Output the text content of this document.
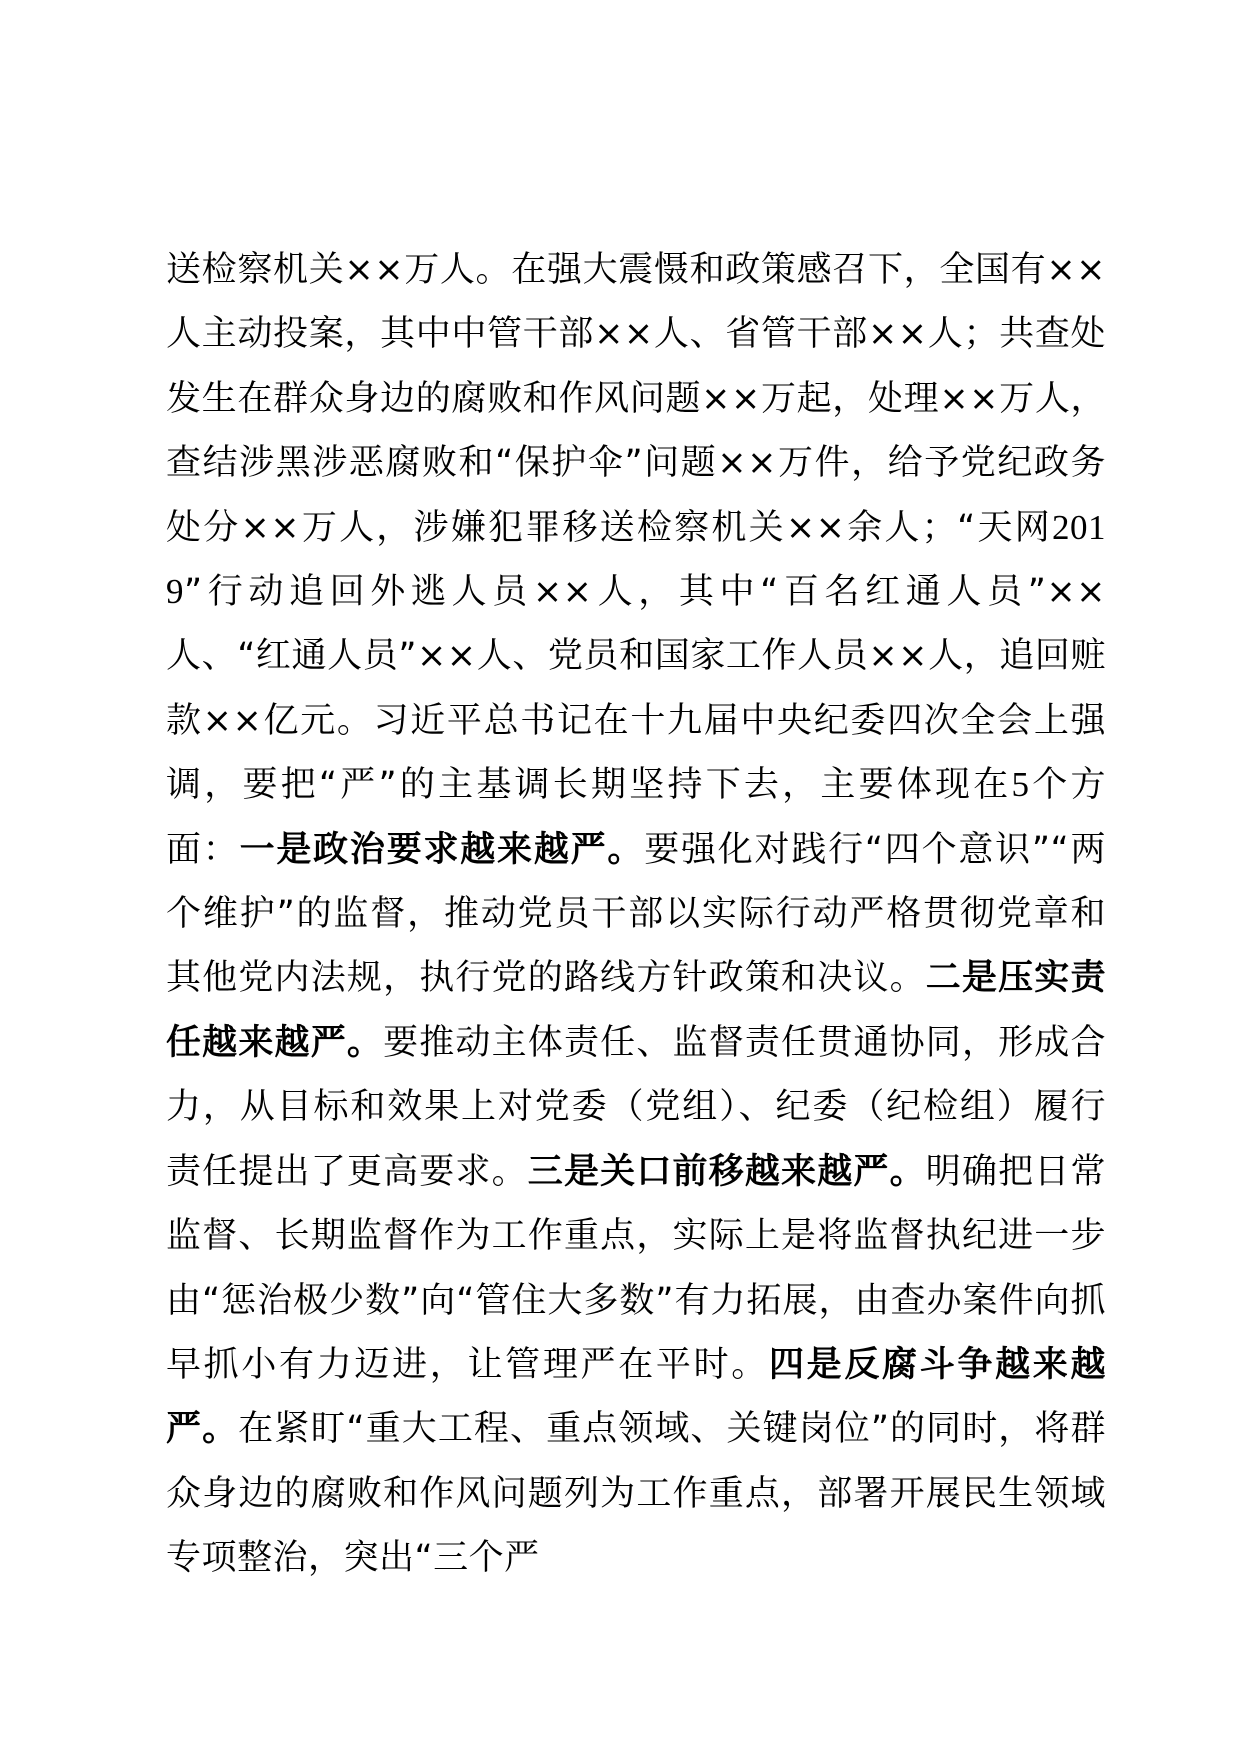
送检察机关××万人。在强大震慑和政策感召下，全国有××人主动投案，其中中管干部××人、省管干部××人；共查处发生在群众身边的腐败和作风问题××万起，处理××万人，查结涉黑涉恶腐败和“保护伞”问题××万件，给予党纪政务处分××万人，涉嫌犯罪移送检察机关××余人；“天网2019”行动追回外逃人员××人，其中“百名红通人员”××人、“红通人员”××人、党员和国家工作人员××人，追回赃款××亿元。习近平总书记在十九届中央纪委四次全会上强调，要把“严”的主基调长期坚持下去，主要体现在5个方面：一是政治要求越来越严。要强化对践行“四个意识”“两个维护”的监督，推动党员干部以实际行动严格贯彻党章和其他党内法规，执行党的路线方针政策和决议。二是压实责任越来越严。要推动主体责任、监督责任贯通协同，形成合力，从目标和效果上对党委（党组）、纪委（纪检组）履行责任提出了更高要求。三是关口前移越来越严。明确把日常监督、长期监督作为工作重点，实际上是将监督执纪进一步由“惩治极少数”向“管住大多数”有力拓展，由查办案件向抓早抓小有力迈进，让管理严在平时。四是反腐斗争越来越严。在紧盯“重大工程、重点领域、关键岗位”的同时，将群众身边的腐败和作风问题列为工作重点，部署开展民生领域专项整治，突出“三个严
